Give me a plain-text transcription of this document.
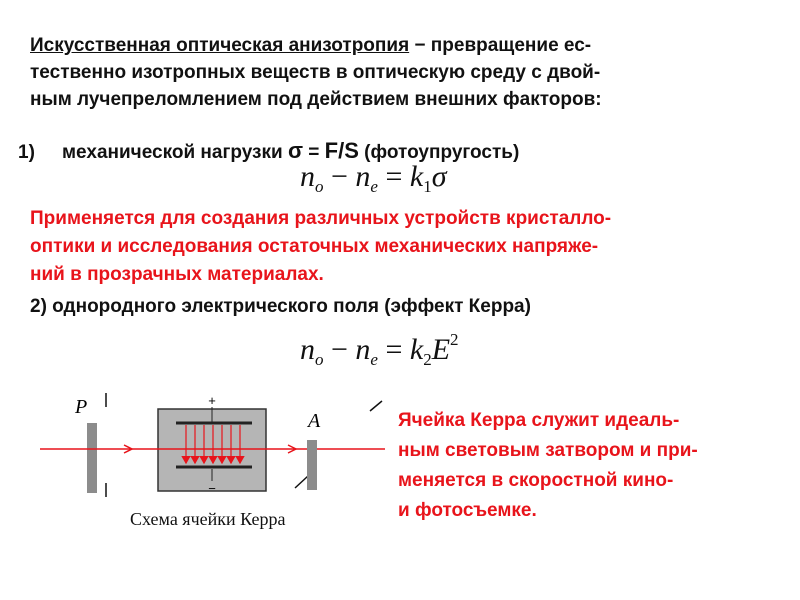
Искусственная оптическая анизотропия − превращение ес-
тественно изотропных веществ в оптическую среду с двой-
ным лучепреломлением под действием внешних факторов:
1) механической нагрузки σ = F/S (фотоупругость)
$n_o - n_e = k_1\sigma$
Применяется для создания различных устройств кристалло-
оптики и исследования остаточных механических напряже-
ний в прозрачных материалах.
2) однородного электрического поля (эффект Керра)
$n_o - n_e = k_2E^2$
P	+
−
A
Схема ячейки Керра
Ячейка Керра служит идеаль-
ным световым затвором и при-
меняется в скоростной кино-
и фотосъемке.
